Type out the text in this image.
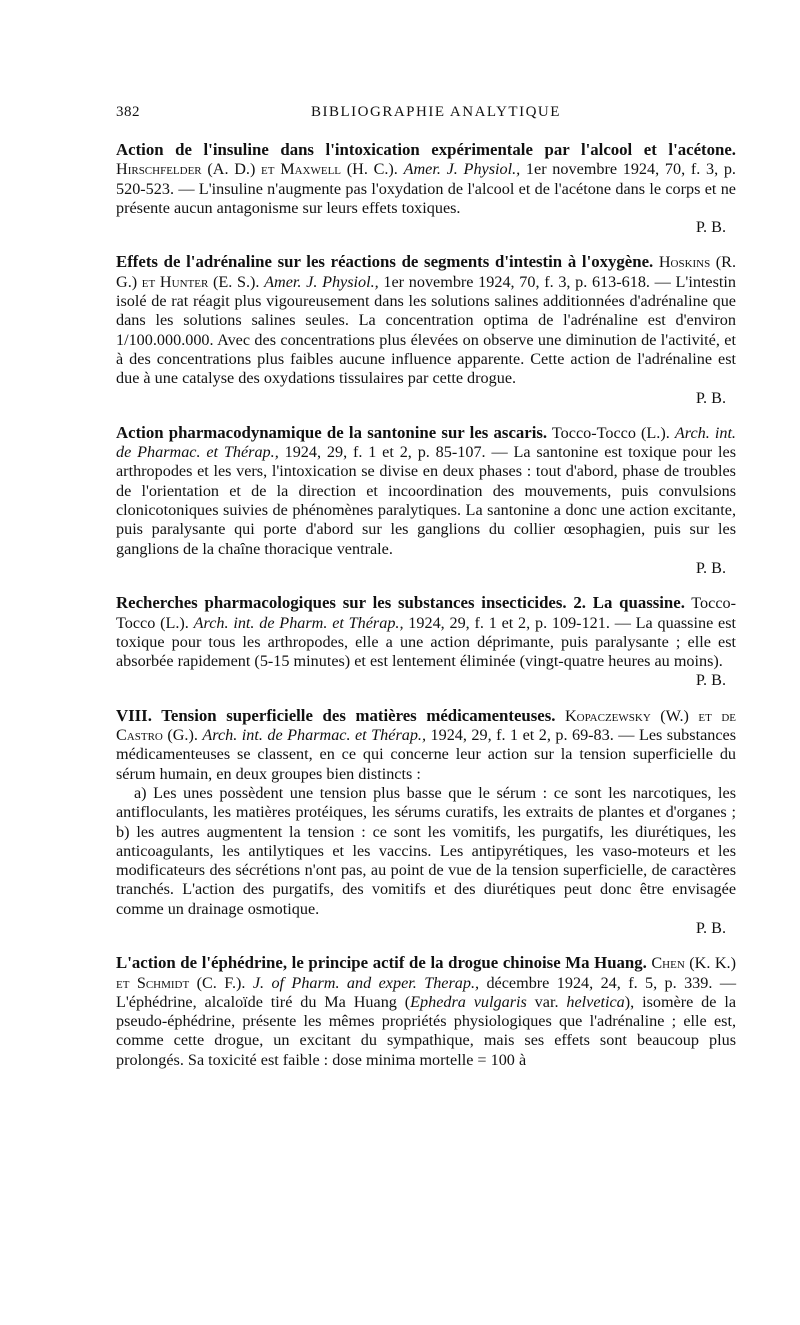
382	BIBLIOGRAPHIE ANALYTIQUE

Action de l'insuline dans l'intoxication expérimentale par l'alcool et l'acétone. Hirschfelder (A. D.) et Maxwell (H. C.). Amer. J. Physiol., 1er novembre 1924, 70, f. 3, p. 520-523. — L'insuline n'augmente pas l'oxydation de l'alcool et de l'acétone dans le corps et ne présente aucun antagonisme sur leurs effets toxiques.
P. B.

Effets de l'adrénaline sur les réactions de segments d'intestin à l'oxygène. Hoskins (R. G.) et Hunter (E. S.). Amer. J. Physiol., 1er novembre 1924, 70, f. 3, p. 613-618. — L'intestin isolé de rat réagit plus vigoureusement dans les solutions salines additionnées d'adrénaline que dans les solutions salines seules. La concentration optima de l'adrénaline est d'environ 1/100.000.000. Avec des concentrations plus élevées on observe une diminution de l'activité, et à des concentrations plus faibles aucune influence apparente. Cette action de l'adrénaline est due à une catalyse des oxydations tissulaires par cette drogue.
P. B.

Action pharmacodynamique de la santonine sur les ascaris. Tocco-Tocco (L.). Arch. int. de Pharmac. et Thérap., 1924, 29, f. 1 et 2, p. 85-107. — La santonine est toxique pour les arthropodes et les vers, l'intoxication se divise en deux phases : tout d'abord, phase de troubles de l'orientation et de la direction et incoordination des mouvements, puis convulsions clonicotoniques suivies de phénomènes paralytiques. La santonine a donc une action excitante, puis paralysante qui porte d'abord sur les ganglions du collier œsophagien, puis sur les ganglions de la chaîne thoracique ventrale.
P. B.

Recherches pharmacologiques sur les substances insecticides. 2. La quassine. Tocco-Tocco (L.). Arch. int. de Pharm. et Thérap., 1924, 29, f. 1 et 2, p. 109-121. — La quassine est toxique pour tous les arthropodes, elle a une action déprimante, puis paralysante ; elle est absorbée rapidement (5-15 minutes) et est lentement éliminée (vingt-quatre heures au moins).
P. B.

VIII. Tension superficielle des matières médicamenteuses. Kopaczewsky (W.) et de Castro (G.). Arch. int. de Pharmac. et Thérap., 1924, 29, f. 1 et 2, p. 69-83. — Les substances médicamenteuses se classent, en ce qui concerne leur action sur la tension superficielle du sérum humain, en deux groupes bien distincts :

a) Les unes possèdent une tension plus basse que le sérum : ce sont les narcotiques, les antifloculants, les matières protéiques, les sérums curatifs, les extraits de plantes et d'organes ; b) les autres augmentent la tension : ce sont les vomitifs, les purgatifs, les diurétiques, les anticoagulants, les antilytiques et les vaccins. Les antipyrétiques, les vaso-moteurs et les modificateurs des sécrétions n'ont pas, au point de vue de la tension superficielle, de caractères tranchés. L'action des purgatifs, des vomitifs et des diurétiques peut donc être envisagée comme un drainage osmotique.
P. B.

L'action de l'éphédrine, le principe actif de la drogue chinoise Ma Huang. Chen (K. K.) et Schmidt (C. F.). J. of Pharm. and exper. Therap., décembre 1924, 24, f. 5, p. 339. — L'éphédrine, alcaloïde tiré du Ma Huang (Ephedra vulgaris var. helvetica), isomère de la pseudo-éphédrine, présente les mêmes propriétés physiologiques que l'adrénaline ; elle est, comme cette drogue, un excitant du sympathique, mais ses effets sont beaucoup plus prolongés. Sa toxicité est faible : dose minima mortelle = 100 à
